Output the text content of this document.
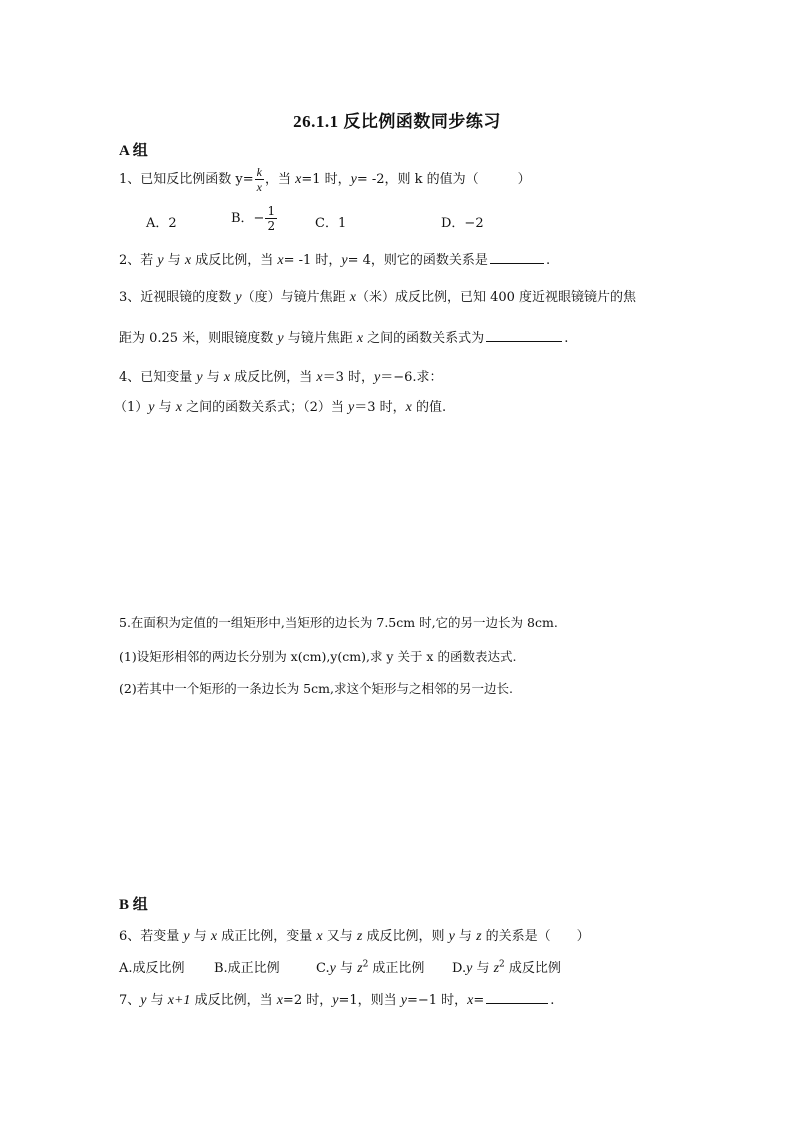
26.1.1 反比例函数同步练习
A 组
1、已知反比例函数 $y= \frac{k}{x}$ ，当 x=1 时，y= -2，则 k 的值为（　　　）
A．2	B．− $\frac{1}{2}$	C．1	D．−2
2、若 y 与 x 成反比例，当 x= -1 时，y= 4，则它的函数关系是	.
3、近视眼镜的度数 y（度）与镜片焦距 x（米）成反比例，已知 400 度近视眼镜镜片的焦
距为 0.25 米，则眼镜度数 y 与镜片焦距 x 之间的函数关系式为	.
4、已知变量 y 与 x 成反比例，当 x＝3 时，y＝−6.求：
（1）y 与 x 之间的函数关系式；（2）当 y＝3 时，x 的值.
5.在面积为定值的一组矩形中,当矩形的边长为 7.5cm 时,它的另一边长为 8cm.
(1)设矩形相邻的两边长分别为 x(cm),y(cm),求 y 关于 x 的函数表达式.
(2)若其中一个矩形的一条边长为 5cm,求这个矩形与之相邻的另一边长.
B 组
6、若变量 y 与 x 成正比例，变量 x 又与 z 成反比例，则 y 与 z 的关系是（　　）
A.成反比例 B.成正比例	C.y 与 $z^2$ 成正比例 D.y 与 $z^2$ 成反比例
7、y 与 x+1 成反比例，当 x=2 时，y=1，则当 y=−1 时，x=	.
